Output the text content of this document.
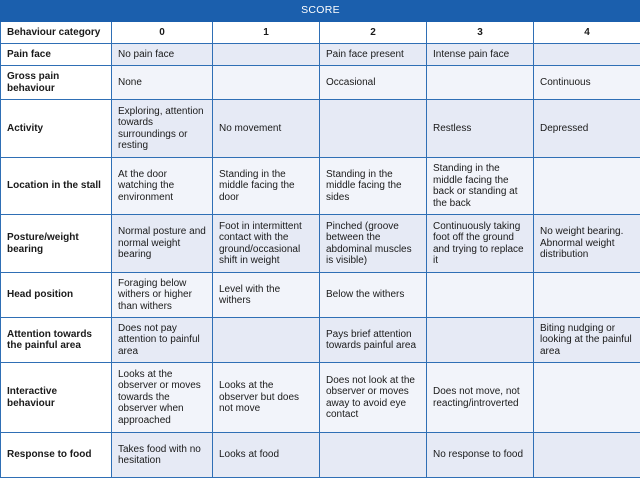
SCORE					
Behaviour category	0	1	2	3	4
Pain face	No pain face		Pain face present	Intense pain face	
Gross pain behaviour	None		Occasional		Continuous
Activity	Exploring, attention towards surroundings or resting	No movement		Restless	Depressed
Location in the stall	At the door watching the environment	Standing in the middle facing the door	Standing in the middle facing the sides	Standing in the middle facing the back or standing at the back	
Posture/weight bearing	Normal posture and normal weight bearing	Foot in intermittent contact with the ground/occasional shift in weight	Pinched (groove between the abdominal muscles is visible)	Continuously taking foot off the ground and trying to replace it	No weight bearing. Abnormal weight distribution
Head position	Foraging below withers or higher than withers	Level with the withers	Below the withers		
Attention towards the painful area	Does not pay attention to painful area		Pays brief attention towards painful area		Biting nudging or looking at the painful area
Interactive behaviour	Looks at the observer or moves towards the observer when approached	Looks at the observer but does not move	Does not look at the observer or moves away to avoid eye contact	Does not move, not reacting/introverted	
Response to food	Takes food with no hesitation	Looks at food		No response to food	
